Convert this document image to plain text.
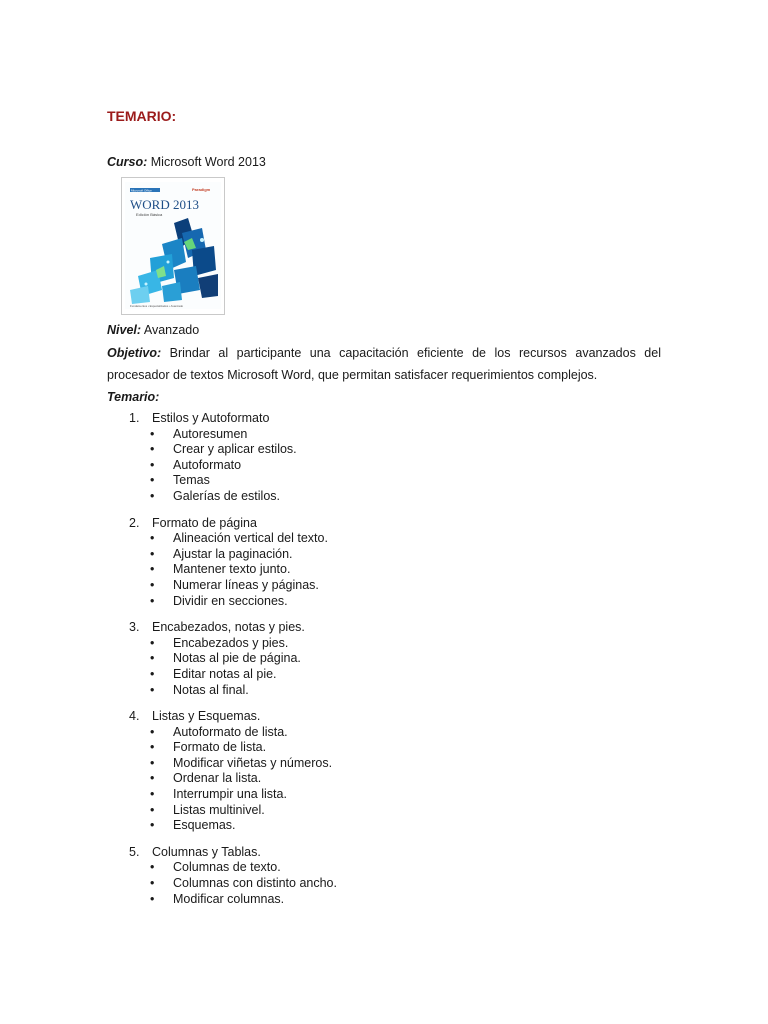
TEMARIO:
Curso: Microsoft Word 2013
Microsoft Office	Paradigm
WORD 2013
Edición Básica
Fundamentos • Especializados • Avanzado
Nivel: Avanzado
Objetivo: Brindar al participante una capacitación eficiente de los recursos avanzados del procesador de textos Microsoft Word, que permitan satisfacer requerimientos complejos.
Temario:
1.	Estilos y Autoformato
•	Autoresumen
•	Crear y aplicar estilos.
•	Autoformato
•	Temas
•	Galerías de estilos.
2.	Formato de página
•	Alineación vertical del texto.
•	Ajustar la paginación.
•	Mantener texto junto.
•	Numerar líneas y páginas.
•	Dividir en secciones.
3.	Encabezados, notas y pies.
•	Encabezados y pies.
•	Notas al pie de página.
•	Editar notas al pie.
•	Notas al final.
4.	Listas y Esquemas.
•	Autoformato de lista.
•	Formato de lista.
•	Modificar viñetas y números.
•	Ordenar la lista.
•	Interrumpir una lista.
•	Listas multinivel.
•	Esquemas.
5.	Columnas y Tablas.
•	Columnas de texto.
•	Columnas con distinto ancho.
•	Modificar columnas.
